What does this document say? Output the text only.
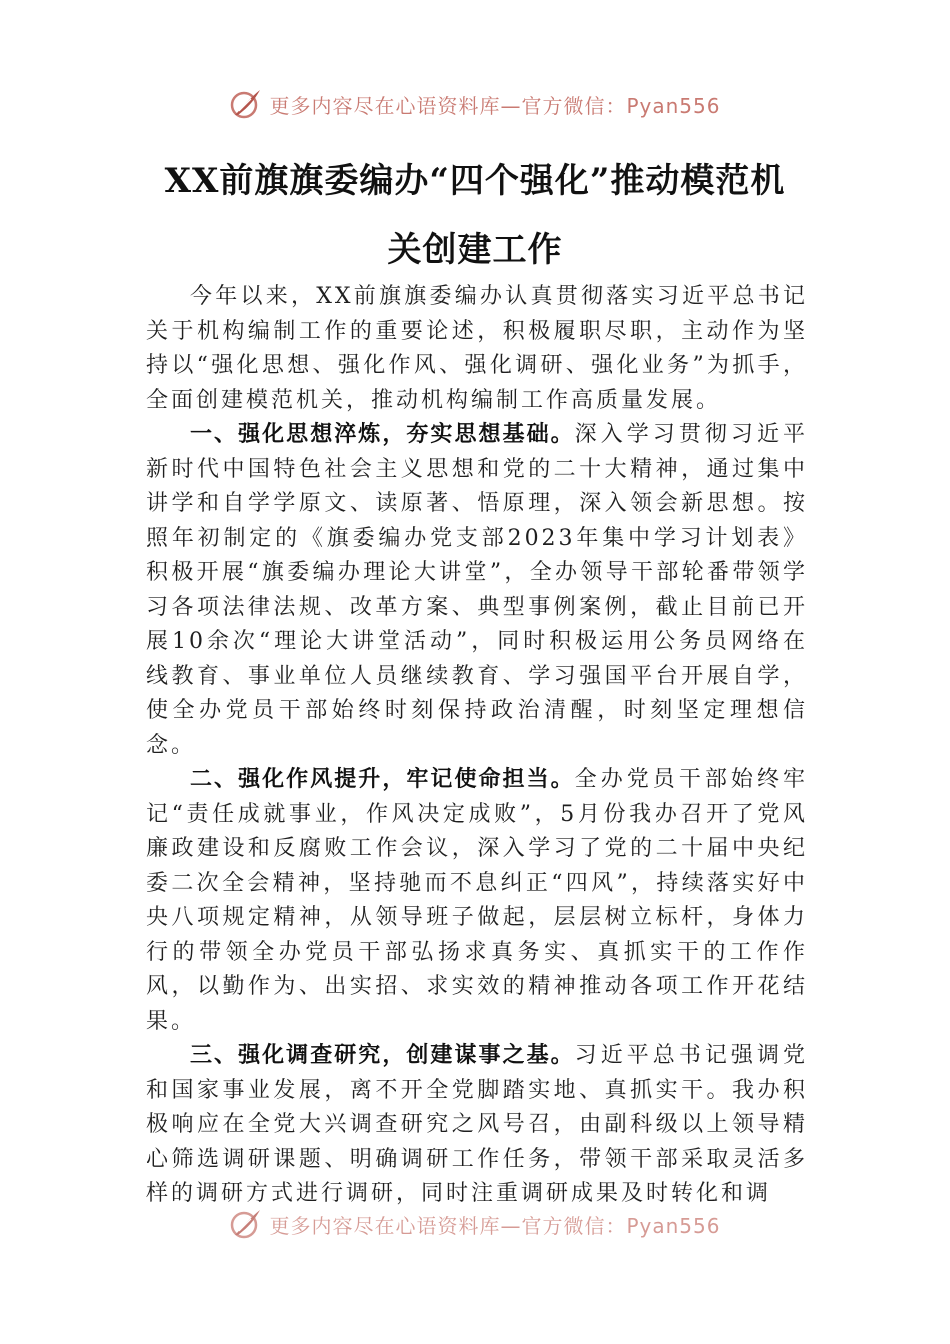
更多内容尽在心语资料库—官方微信：Pyan556
XX前旗旗委编办“四个强化”推动模范机
关创建工作

今年以来，XX前旗旗委编办认真贯彻落实习近平总书记关于机构编制工作的重要论述，积极履职尽职，主动作为坚持以“强化思想、强化作风、强化调研、强化业务”为抓手，全面创建模范机关，推动机构编制工作高质量发展。

一、强化思想淬炼，夯实思想基础。深入学习贯彻习近平新时代中国特色社会主义思想和党的二十大精神，通过集中讲学和自学学原文、读原著、悟原理，深入领会新思想。按照年初制定的《旗委编办党支部2023年集中学习计划表》积极开展“旗委编办理论大讲堂”，全办领导干部轮番带领学习各项法律法规、改革方案、典型事例案例，截止目前已开展10余次“理论大讲堂活动”，同时积极运用公务员网络在线教育、事业单位人员继续教育、学习强国平台开展自学，使全办党员干部始终时刻保持政治清醒，时刻坚定理想信念。

二、强化作风提升，牢记使命担当。全办党员干部始终牢记“责任成就事业，作风决定成败”，5月份我办召开了党风廉政建设和反腐败工作会议，深入学习了党的二十届中央纪委二次全会精神，坚持驰而不息纠正“四风”，持续落实好中央八项规定精神，从领导班子做起，层层树立标杆，身体力行的带领全办党员干部弘扬求真务实、真抓实干的工作作风，以勤作为、出实招、求实效的精神推动各项工作开花结果。

三、强化调查研究，创建谋事之基。习近平总书记强调党和国家事业发展，离不开全党脚踏实地、真抓实干。我办积极响应在全党大兴调查研究之风号召，由副科级以上领导精心筛选调研课题、明确调研工作任务，带领干部采取灵活多样的调研方式进行调研，同时注重调研成果及时转化和调

更多内容尽在心语资料库—官方微信：Pyan556
